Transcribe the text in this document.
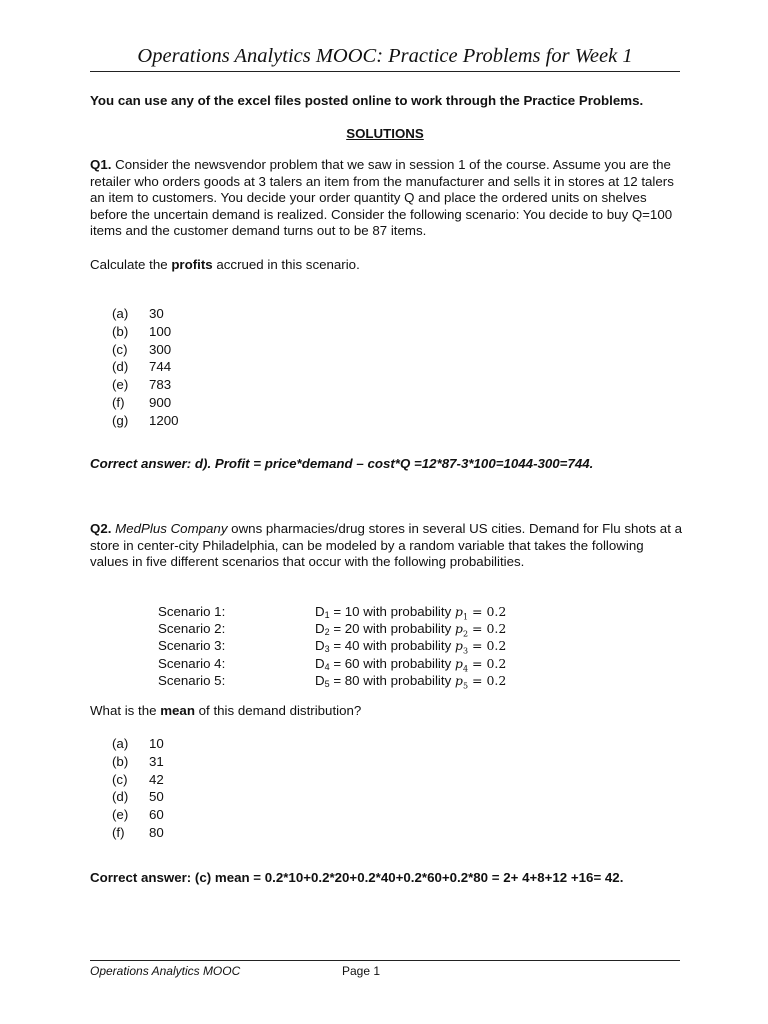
Operations Analytics MOOC: Practice Problems for Week 1
You can use any of the excel files posted online to work through the Practice Problems.
SOLUTIONS
Q1. Consider the newsvendor problem that we saw in session 1 of the course. Assume you are the retailer who orders goods at 3 talers an item from the manufacturer and sells it in stores at 12 talers an item to customers. You decide your order quantity Q and place the ordered units on shelves before the uncertain demand is realized. Consider the following scenario: You decide to buy Q=100 items and the customer demand turns out to be 87 items.
Calculate the profits accrued in this scenario.
(a)	30
(b)	100
(c)	300
(d)	744
(e)	783
(f)	900
(g)	1200
Correct answer: d). Profit = price*demand – cost*Q =12*87-3*100=1044-300=744.
Q2. MedPlus Company owns pharmacies/drug stores in several US cities. Demand for Flu shots at a store in center-city Philadelphia, can be modeled by a random variable that takes the following values in five different scenarios that occur with the following probabilities.
Scenario 1:	$D_1 = 10$ with probability $p_1 = 0.2$
Scenario 2:	$D_2 = 20$ with probability $p_2 = 0.2$
Scenario 3:	$D_3 = 40$ with probability $p_3 = 0.2$
Scenario 4:	$D_4 = 60$ with probability $p_4 = 0.2$
Scenario 5:	$D_5 = 80$ with probability $p_5 = 0.2$
What is the mean of this demand distribution?
(a)	10
(b)	31
(c)	42
(d)	50
(e)	60
(f)	80
Correct answer: (c) mean = 0.2*10+0.2*20+0.2*40+0.2*60+0.2*80 = 2+ 4+8+12 +16= 42.
Operations Analytics MOOC	Page 1
